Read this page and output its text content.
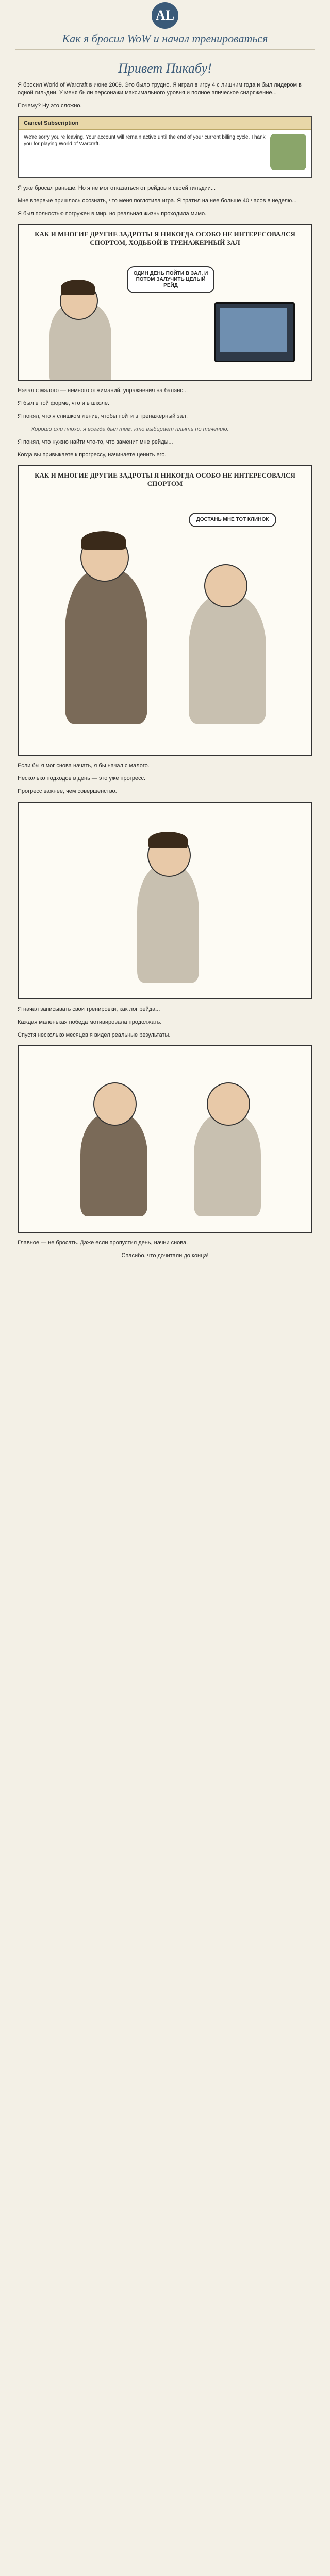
AL
Как я бросил WoW и начал тренироваться
Привет Пикабу!

Я бросил World of Warcraft в июне 2009. Это было трудно. Я играл в игру 4 с лишним года и был лидером в одной гильдии. У меня были персонажи максимального уровня и полное эпическое снаряжение...

Почему? Ну это сложно.

Cancel Subscription
We're sorry you're leaving. Your account will remain active until the end of your current billing cycle. Thank you for playing World of Warcraft.

Я уже бросал раньше. Но я не мог отказаться от рейдов и своей гильдии...

Мне впервые пришлось осознать, что меня поглотила игра. Я тратил на нее больше 40 часов в неделю...

Я был полностью погружен в мир, но реальная жизнь проходила мимо.

КАК И МНОГИЕ ДРУГИЕ ЗАДРОТЫ Я НИКОГДА ОСОБО НЕ ИНТЕРЕСОВАЛСЯ СПОРТОМ, ХОДЬБОЙ В ТРЕНАЖЕРНЫЙ ЗАЛ
ОДИН ДЕНЬ ПОЙТИ В ЗАЛ, И ПОТОМ ЗАЛУЧИТЬ ЦЕЛЫЙ РЕЙД

Начал с малого — немного отжиманий, упражнения на баланс...

Я был в той форме, что и в школе.

Я понял, что я слишком ленив, чтобы пойти в тренажерный зал.

Хорошо или плохо, я всегда был тем, кто выбирает плыть по течению.

Я понял, что нужно найти что-то, что заменит мне рейды...

Когда вы привыкаете к прогрессу, начинаете ценить его.

КАК И МНОГИЕ ДРУГИЕ ЗАДРОТЫ Я НИКОГДА ОСОБО НЕ ИНТЕРЕСОВАЛСЯ СПОРТОМ
ДОСТАНЬ МНЕ ТОТ КЛИНОК

Если бы я мог снова начать, я бы начал с малого.

Несколько подходов в день — это уже прогресс.

Прогресс важнее, чем совершенство.

Я начал записывать свои тренировки, как лог рейда...

Каждая маленькая победа мотивировала продолжать.

Спустя несколько месяцев я видел реальные результаты.

Главное — не бросать. Даже если пропустил день, начни снова.

Спасибо, что дочитали до конца!
